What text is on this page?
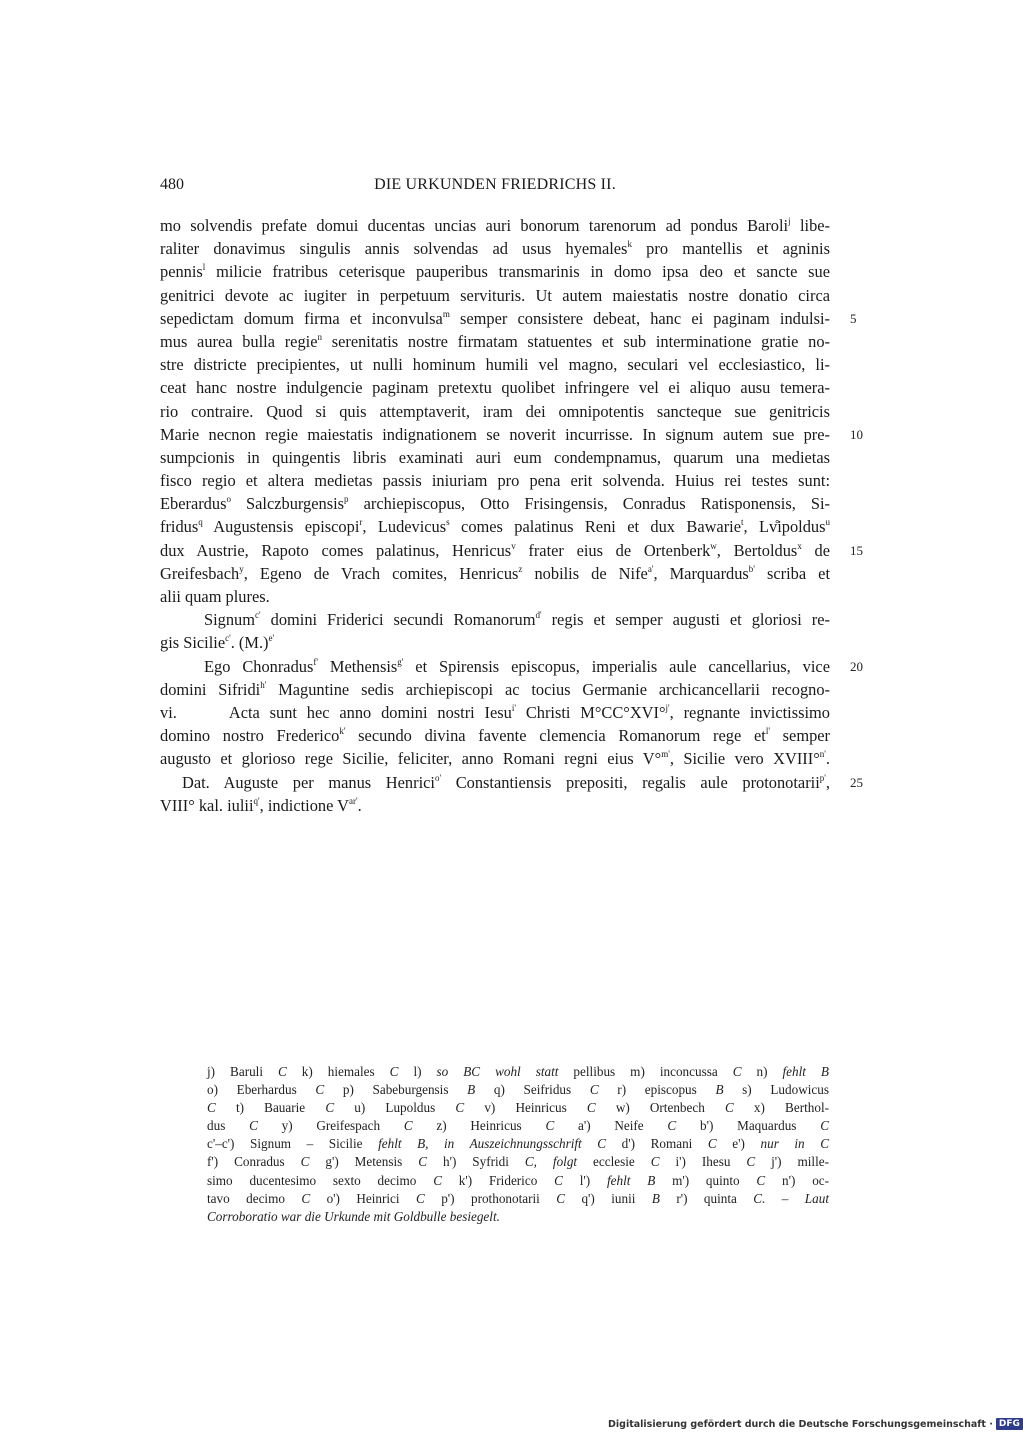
480	DIE URKUNDEN FRIEDRICHS II.
mo solvendis prefate domui ducentas uncias auri bonorum tarenorum ad pondus Baroli$^j$ libe-
raliter donavimus singulis annis solvendas ad usus hyemales$^k$ pro mantellis et agninis
pennis$^l$ milicie fratribus ceterisque pauperibus transmarinis in domo ipsa deo et sancte sue
genitrici devote ac iugiter in perpetuum servituris. Ut autem maiestatis nostre donatio circa
sepedictam domum firma et inconvulsa$^m$ semper consistere debeat, hanc ei paginam indulsi- 5
mus aurea bulla regie$^n$ serenitatis nostre firmatam statuentes et sub interminatione gratie no-
stre districte precipientes, ut nulli hominum humili vel magno, seculari vel ecclesiastico, li-
ceat hanc nostre indulgencie paginam pretextu quolibet infringere vel ei aliquo ausu temera-
rio contraire. Quod si quis attemptaverit, iram dei omnipotentis sancteque sue genitricis
Marie necnon regie maiestatis indignationem se noverit incurrisse. In signum autem sue pre- 10
sumpcionis in quingentis libris examinati auri eum condempnamus, quarum una medietas
fisco regio et altera medietas passis iniuriam pro pena erit solvenda. Huius rei testes sunt:
Eberardus$^o$ Salczburgensis$^p$ archiepiscopus, Otto Frisingensis, Conradus Ratisponensis, Si-
fridus$^q$ Augustensis episcopi$^r$, Ludevicus$^s$ comes palatinus Reni et dux Bawarie$^t$, Lv̊ipoldus$^u$
dux Austrie, Rapoto comes palatinus, Henricus$^v$ frater eius de Ortenberk$^w$, Bertoldus$^x$ de 15
Greifesbach$^y$, Egeno de Vrach comites, Henricus$^z$ nobilis de Nife$^{a'}$, Marquardus$^{b'}$ scriba et
alii quam plures.
Signum$^{c'}$ domini Friderici secundi Romanorum$^{d'}$ regis et semper augusti et gloriosi re-
gis Sicilie$^{c'}$. $(M.)^{e'}$
Ego Chonradus$^{f'}$ Methensis$^{g'}$ et Spirensis episcopus, imperialis aule cancellarius, vice 20
domini Sifridi$^{h'}$ Maguntine sedis archiepiscopi ac tocius Germanie archicancellarii recogno-
vi.	Acta sunt hec anno domini nostri Iesu$^{i'}$ Christi M°CC°XVI°$^{j'}$, regnante invictissimo
domino nostro Frederico$^{k'}$ secundo divina favente clemencia Romanorum rege $et^{l'}$ semper
augusto et glorioso rege Sicilie, feliciter, anno Romani regni eius V°$^{m'}$, Sicilie vero XVIII°$^{n'}$.
Dat. Auguste per manus Henrici$^{o'}$ Constantiensis prepositi, regalis aule protonotarii$^{p'}$, 25
VIII° kal. iulii$^{q'}$, indictione $V^{ar'}$.
j) Baruli C k) hiemales C l) so BC wohl statt pellibus m) inconcussa C n) fehlt B
o) Eberhardus C p) Sabeburgensis B q) Seifridus C r) episcopus B s) Ludowicus
C t) Bauarie C u) Lupoldus C v) Heinricus C w) Ortenbech C x) Berthol-
dus C y) Greifespach C z) Heinricus C a') Neife C b') Maquardus C
c'–c') Signum – Sicilie fehlt B, in Auszeichnungsschrift C d') Romani C e') nur in C
f') Conradus C g') Metensis C h') Syfridi C, folgt ecclesie C i') Ihesu C j') mille-
simo ducentesimo sexto decimo C k') Friderico C l') fehlt B m') quinto C n') oc-
tavo decimo C o') Heinrici C p') prothonotarii C q') iunii B r') quinta C. – Laut
Corroboratio war die Urkunde mit Goldbulle besiegelt.
Digitalisierung gefördert durch die Deutsche Forschungsgemeinschaft · DFG
